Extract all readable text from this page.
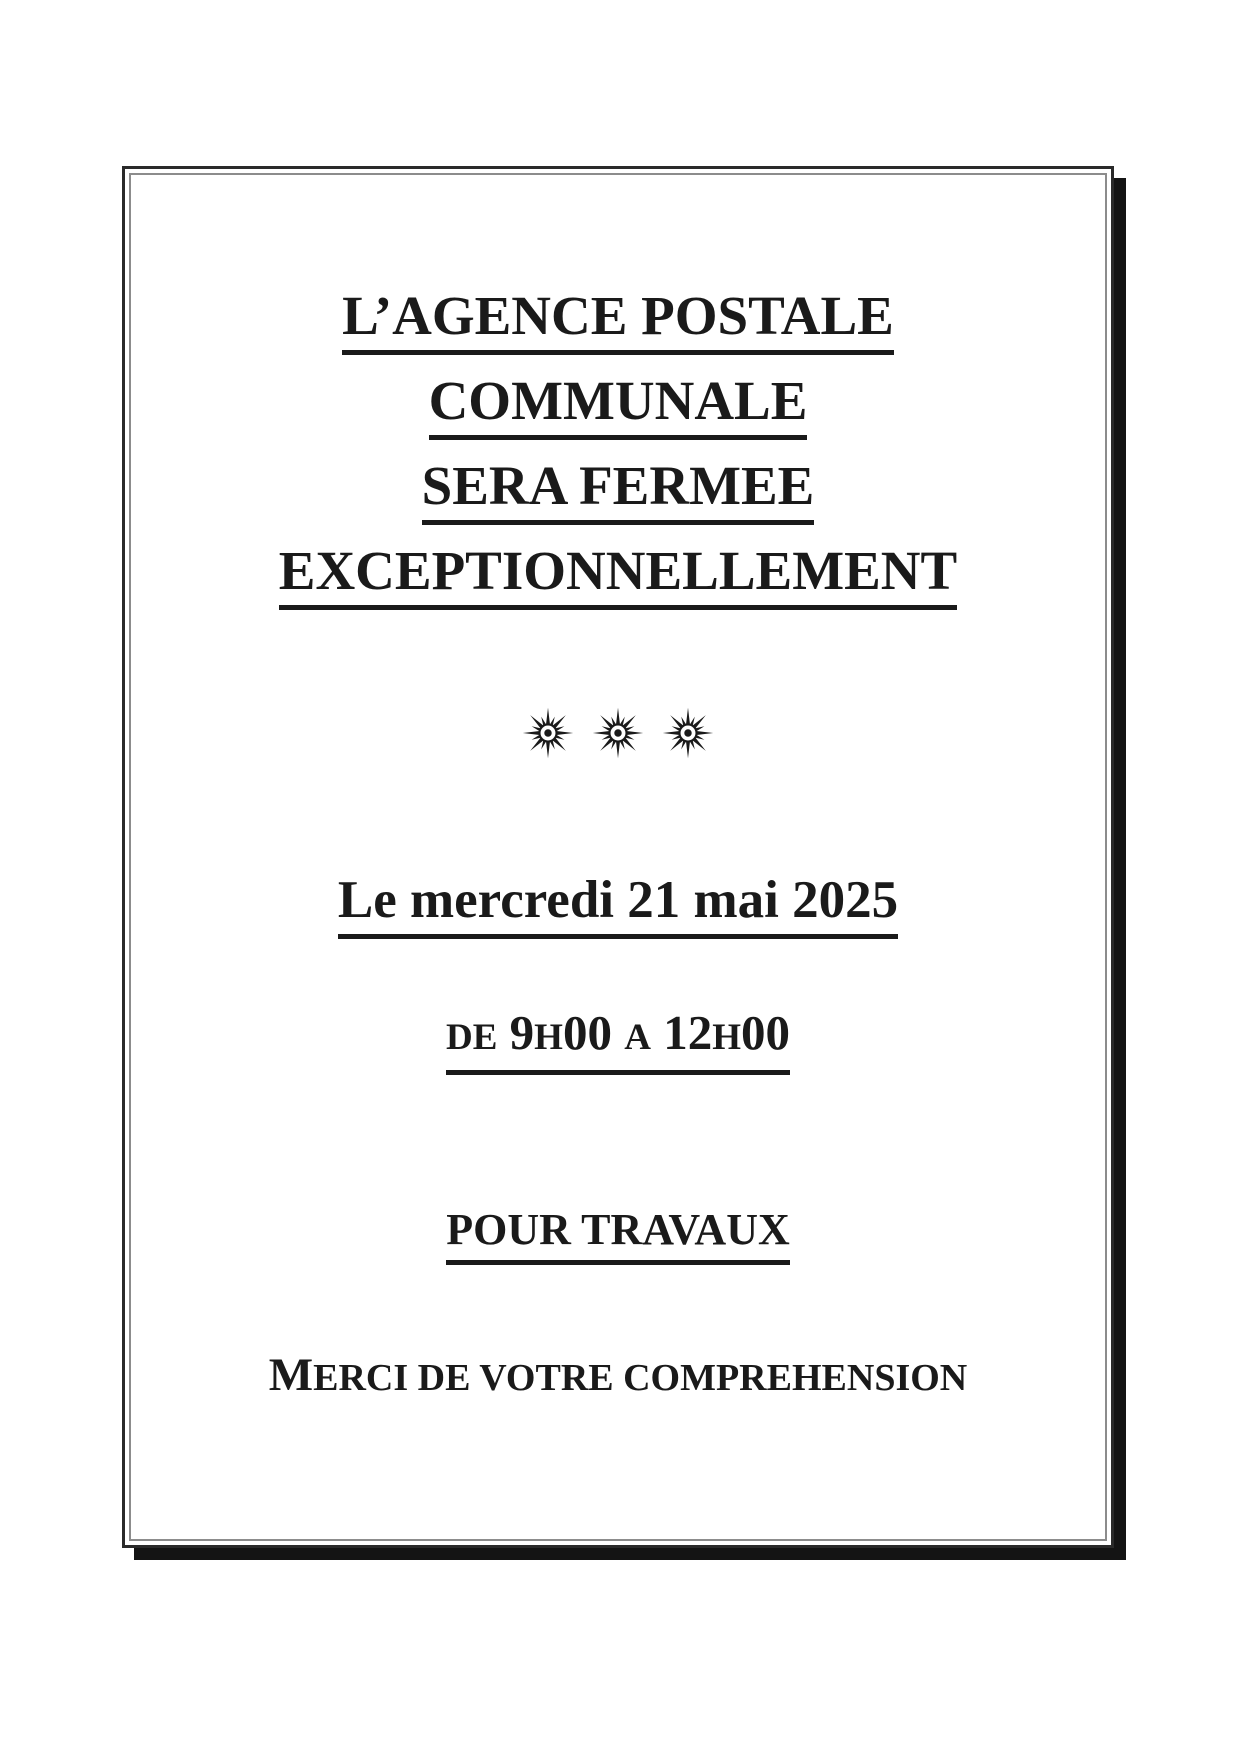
L’AGENCE POSTALE
COMMUNALE
SERA FERMEE
EXCEPTIONNELLEMENT
Le mercredi 21 mai 2025
DE 9H00 A 12H00
POUR TRAVAUX
MERCI DE VOTRE COMPREHENSION
